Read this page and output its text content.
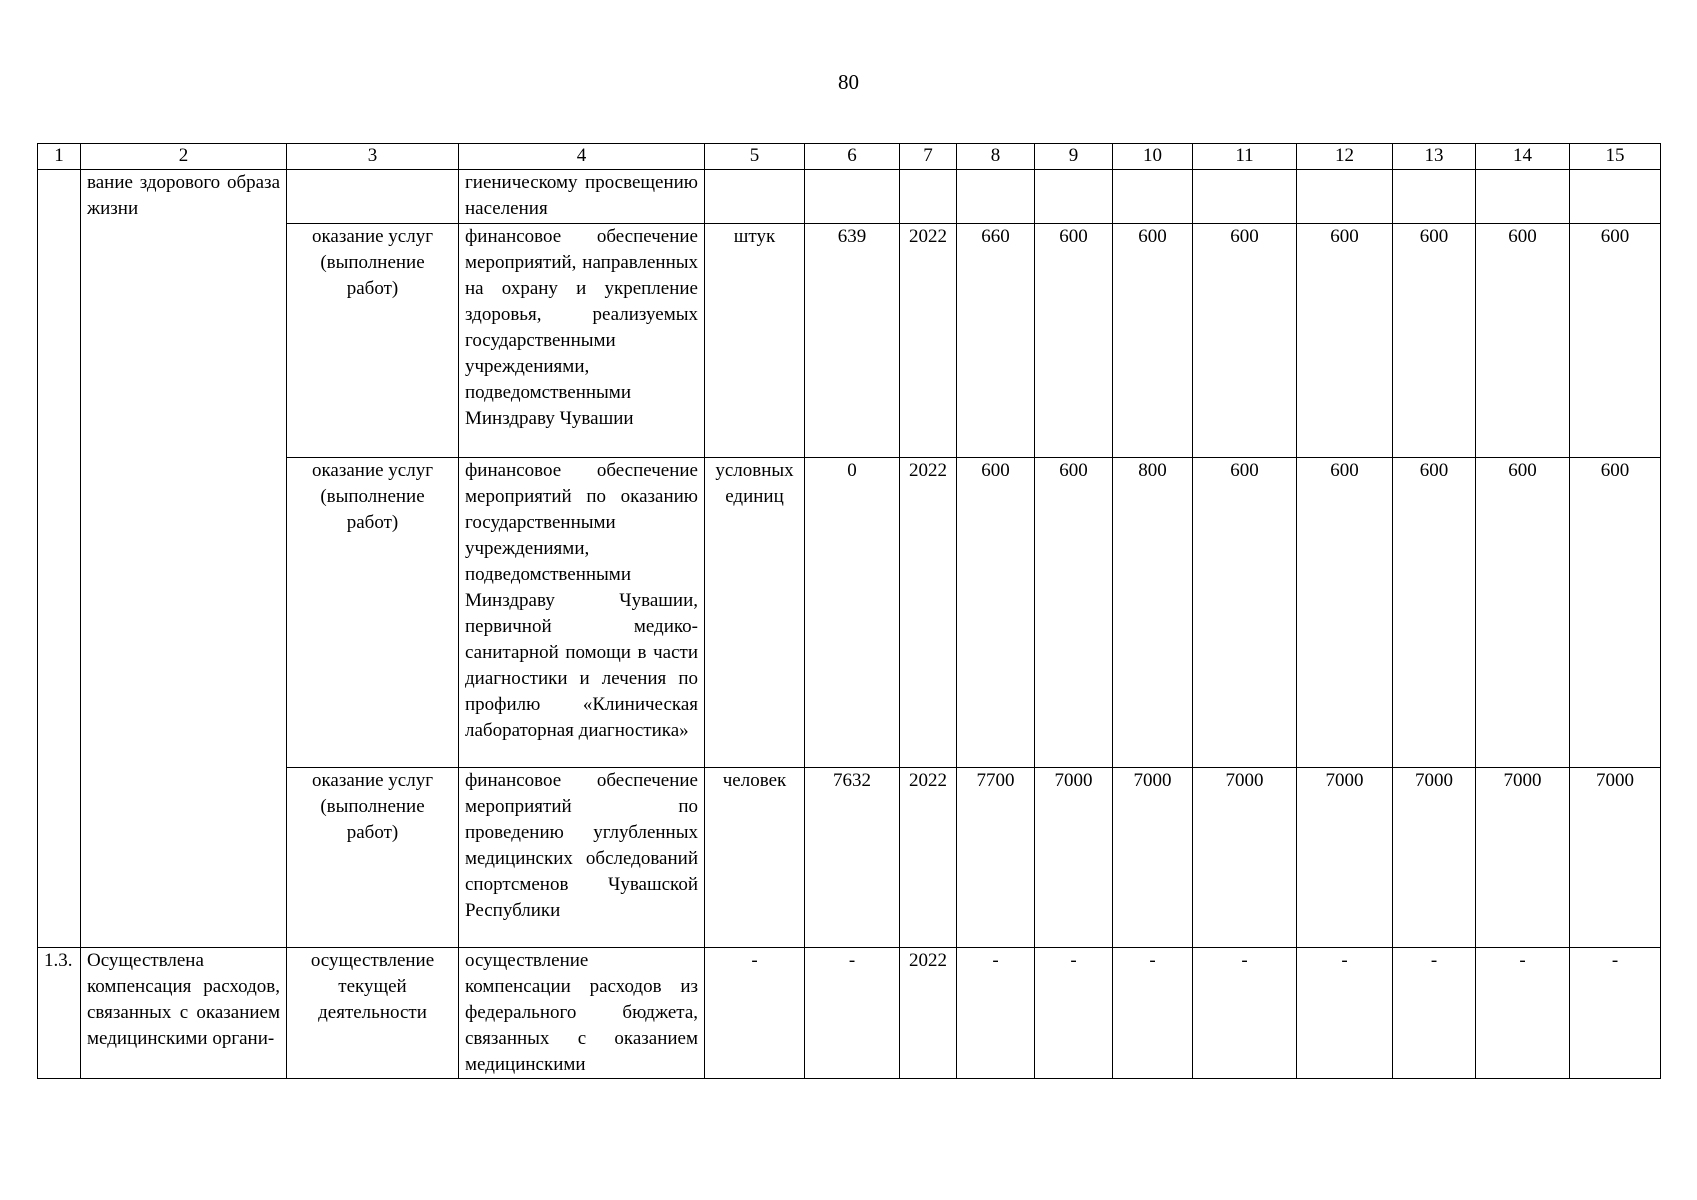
80
1	2	3	4	5	6	7	8	9	10	11	12	13	14	15
	вание здорового образа жизни		гиеническому просвещению населения											
		оказание услуг (выполнение работ)	финансовое обеспечение мероприятий, направленных на охрану и укрепление здоровья, реализуемых государственными учреждениями, подведомственными Минздраву Чувашии	штук	639	2022	660	600	600	600	600	600	600	600
		оказание услуг (выполнение работ)	финансовое обеспечение мероприятий по оказанию государственными учреждениями, подведомственными Минздраву Чувашии, первичной медико-санитарной помощи в части диагностики и лечения по профилю «Клиническая лабораторная диагностика»	условных единиц	0	2022	600	600	800	600	600	600	600	600
		оказание услуг (выполнение работ)	финансовое обеспечение мероприятий по проведению углубленных медицинских обследований спортсменов Чувашской Республики	человек	7632	2022	7700	7000	7000	7000	7000	7000	7000	7000
1.3.	Осуществлена компенсация расходов, связанных с оказанием медицинскими органи-	осуществление текущей деятельности	осуществление компенсации расходов из федерального бюджета, связанных с оказанием медицинскими	-	-	2022	-	-	-	-	-	-	-	-
